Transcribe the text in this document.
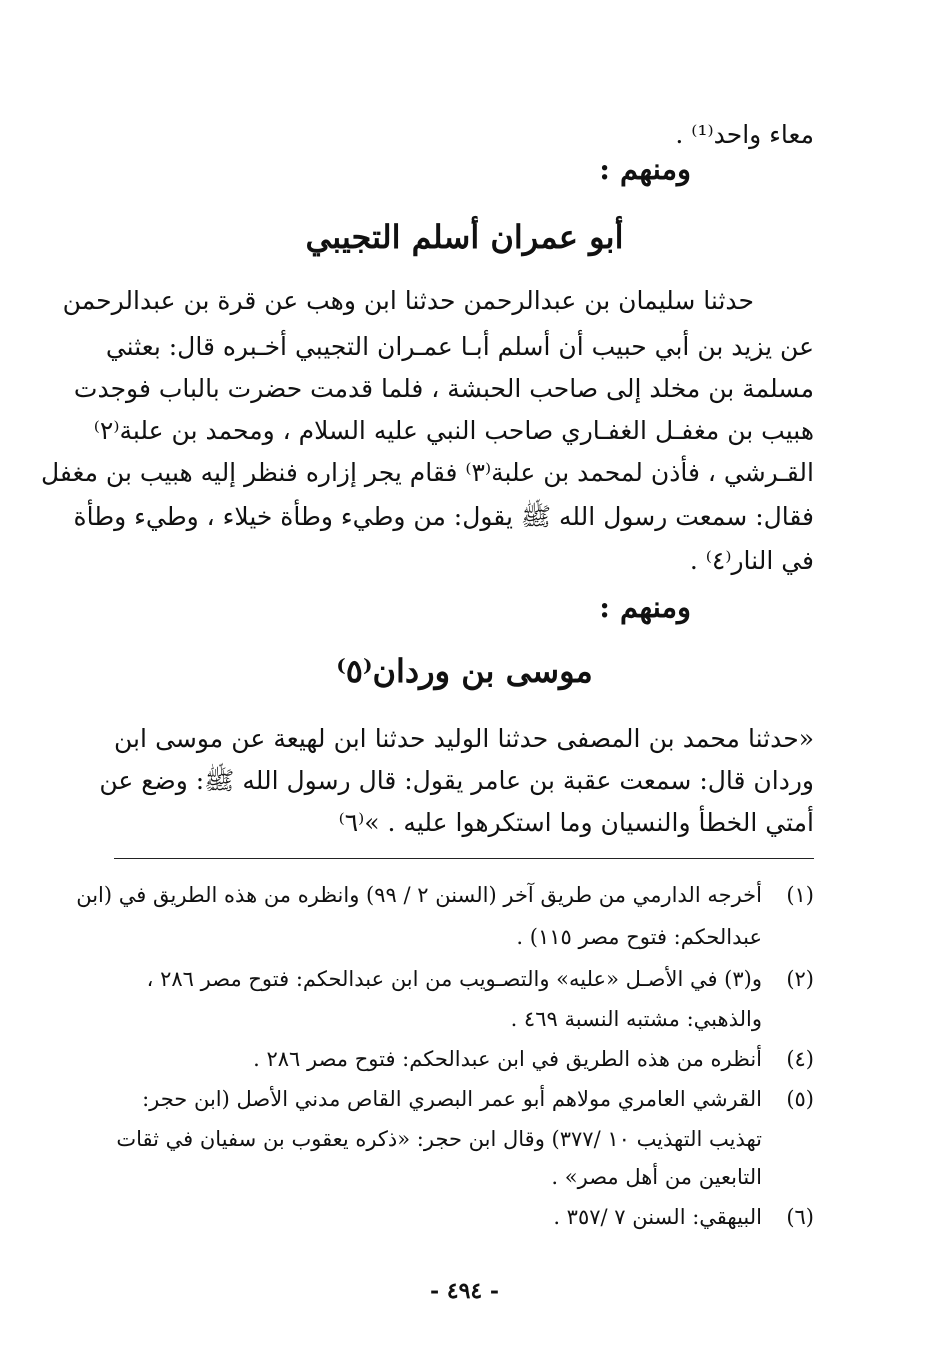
معاء واحد⁽¹⁾ .
ومنهم :
أبو عمران أسلم التجيبي
حدثنا سليمان بن عبدالرحمن حدثنا ابن وهب عن قرة بن عبدالرحمن
عن يزيد بن أبي حبيب أن أسلم أبـا عمـران التجيبي أخـبره قال: بعثني
مسلمة بن مخلد إلى صاحب الحبشة ، فلما قدمت حضرت بالباب فوجدت
هبيب بن مغفـل الغفـاري صاحب النبي عليه السلام ، ومحمد بن علبة⁽٢⁾
القـرشي ، فأذن لمحمد بن علبة⁽٣⁾ فقام يجر إزاره فنظر إليه هبيب بن مغفل
فقال: سمعت رسول الله ﷺ يقول: من وطيء وطأة خيلاء ، وطيء وطأة
في النار⁽٤⁾ .
ومنهم :
موسى بن وردان⁽٥⁾
«حدثنا محمد بن المصفى حدثنا الوليد حدثنا ابن لهيعة عن موسى ابن
وردان قال: سمعت عقبة بن عامر يقول: قال رسول الله ﷺ: وضع عن
أمتي الخطأ والنسيان وما استكرهوا عليه . »⁽٦⁾
(١)أخرجه الدارمي من طريق آخر (السنن ٢ / ٩٩) وانظره من هذه الطريق في (ابن
عبدالحكم: فتوح مصر ١١٥) .
(٢)و(٣) في الأصـل «عليه» والتصـويب من ابن عبدالحكم: فتوح مصر ٢٨٦ ،
والذهبي: مشتبه النسبة ٤٦٩ .
(٤)أنظره من هذه الطريق في ابن عبدالحكم: فتوح مصر ٢٨٦ .
(٥)القرشي العامري مولاهم أبو عمر البصري القاص مدني الأصل (ابن حجر:
تهذيب التهذيب ١٠ /٣٧٧) وقال ابن حجر: «ذكره يعقوب بن سفيان في ثقات
التابعين من أهل مصر» .
(٦)البيهقي: السنن ٧ /٣٥٧ .
- ٤٩٤ -
